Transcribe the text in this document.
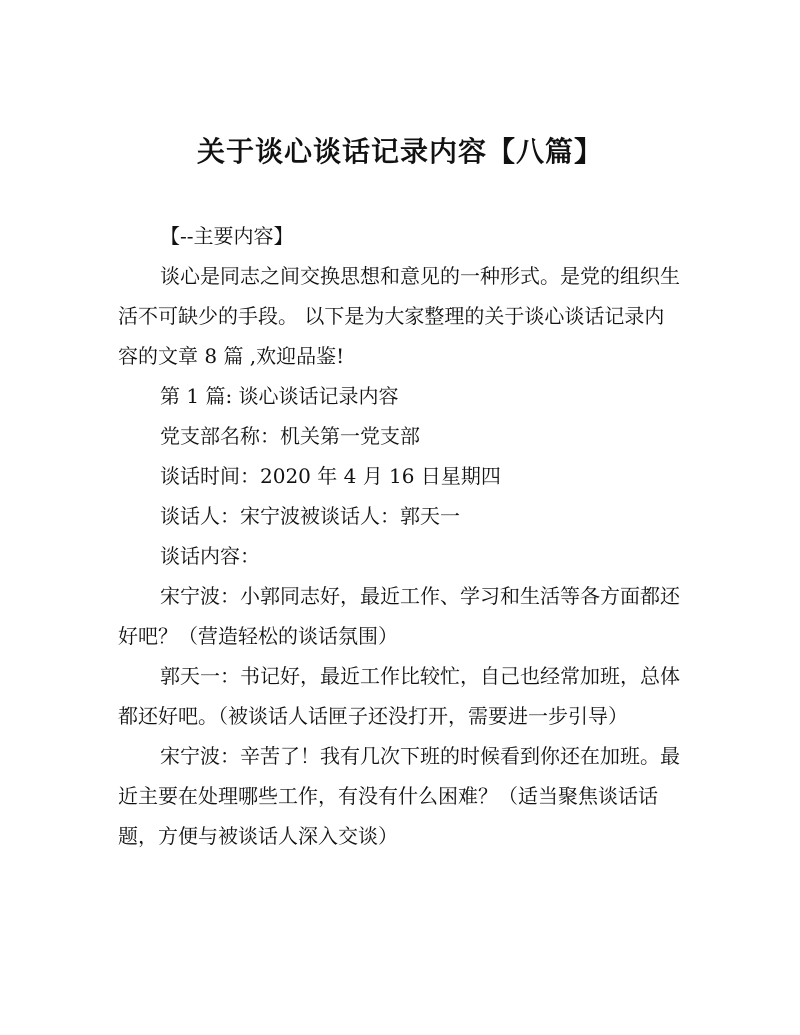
关于谈心谈话记录内容【八篇】

【--主要内容】

谈心是同志之间交换思想和意见的一种形式。是党的组织生活不可缺少的手段。 以下是为大家整理的关于谈心谈话记录内容的文章 8 篇 ,欢迎品鉴!

第 1 篇: 谈心谈话记录内容

党支部名称：机关第一党支部

谈话时间：2020 年 4 月 16 日星期四

谈话人：宋宁波被谈话人：郭天一

谈话内容：

宋宁波：小郭同志好，最近工作、学习和生活等各方面都还好吧？（营造轻松的谈话氛围）

郭天一：书记好，最近工作比较忙，自己也经常加班，总体都还好吧。（被谈话人话匣子还没打开，需要进一步引导）

宋宁波：辛苦了！我有几次下班的时候看到你还在加班。最近主要在处理哪些工作，有没有什么困难？（适当聚焦谈话话题，方便与被谈话人深入交谈）
